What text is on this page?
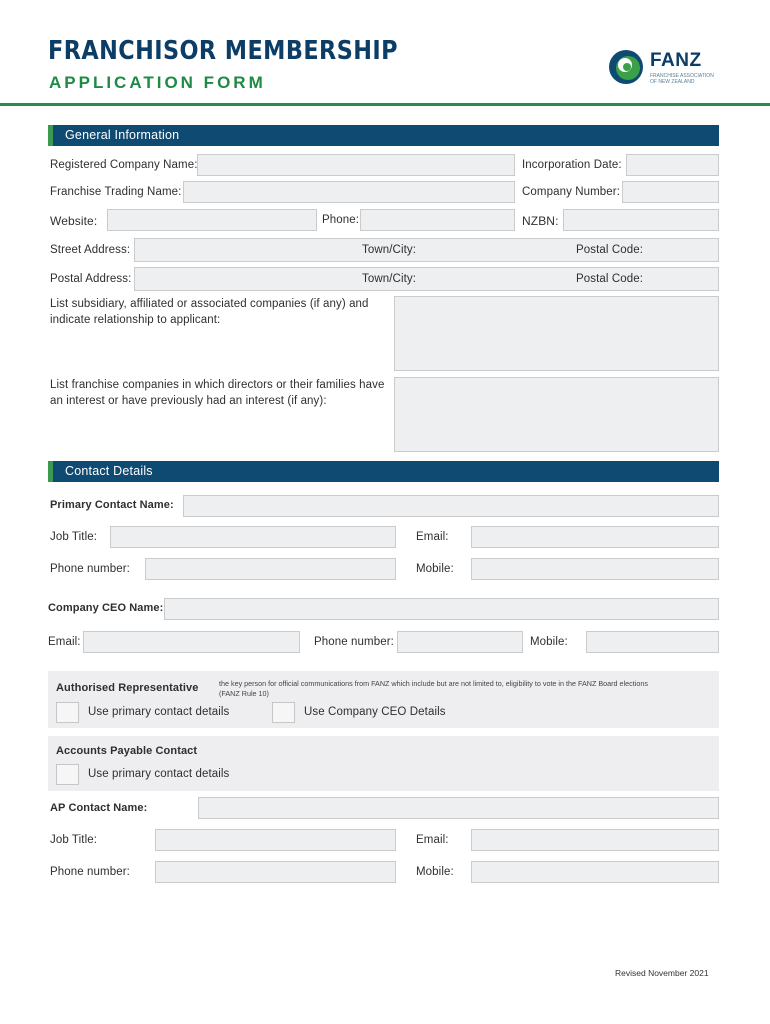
FRANCHISOR MEMBERSHIP
APPLICATION FORM
FANZ
FRANCHISE ASSOCIATION OF NEW ZEALAND
General Information
Registered Company Name:	Incorporation Date:
Franchise Trading Name:	Company Number:
Website:	Phone:	NZBN:
Street Address:	Town/City:	Postal Code:
Postal Address:	Town/City:	Postal Code:
List subsidiary, affiliated or associated companies (if any) and
indicate relationship to applicant:
List franchise companies in which directors or their families have
an interest or have previously had an interest (if any):
Contact Details
Primary Contact Name:
Job Title:	Email:
Phone number:	Mobile:
Company CEO Name:
Email:	Phone number:	Mobile:
Authorised Representative	the key person for official communications from FANZ which include but are not limited to, eligibility to vote in the FANZ Board elections
(FANZ Rule 10)
Use primary contact details	Use Company CEO Details
Accounts Payable Contact
Use primary contact details
AP Contact Name:
Job Title:	Email:
Phone number:	Mobile:
Revised November 2021
